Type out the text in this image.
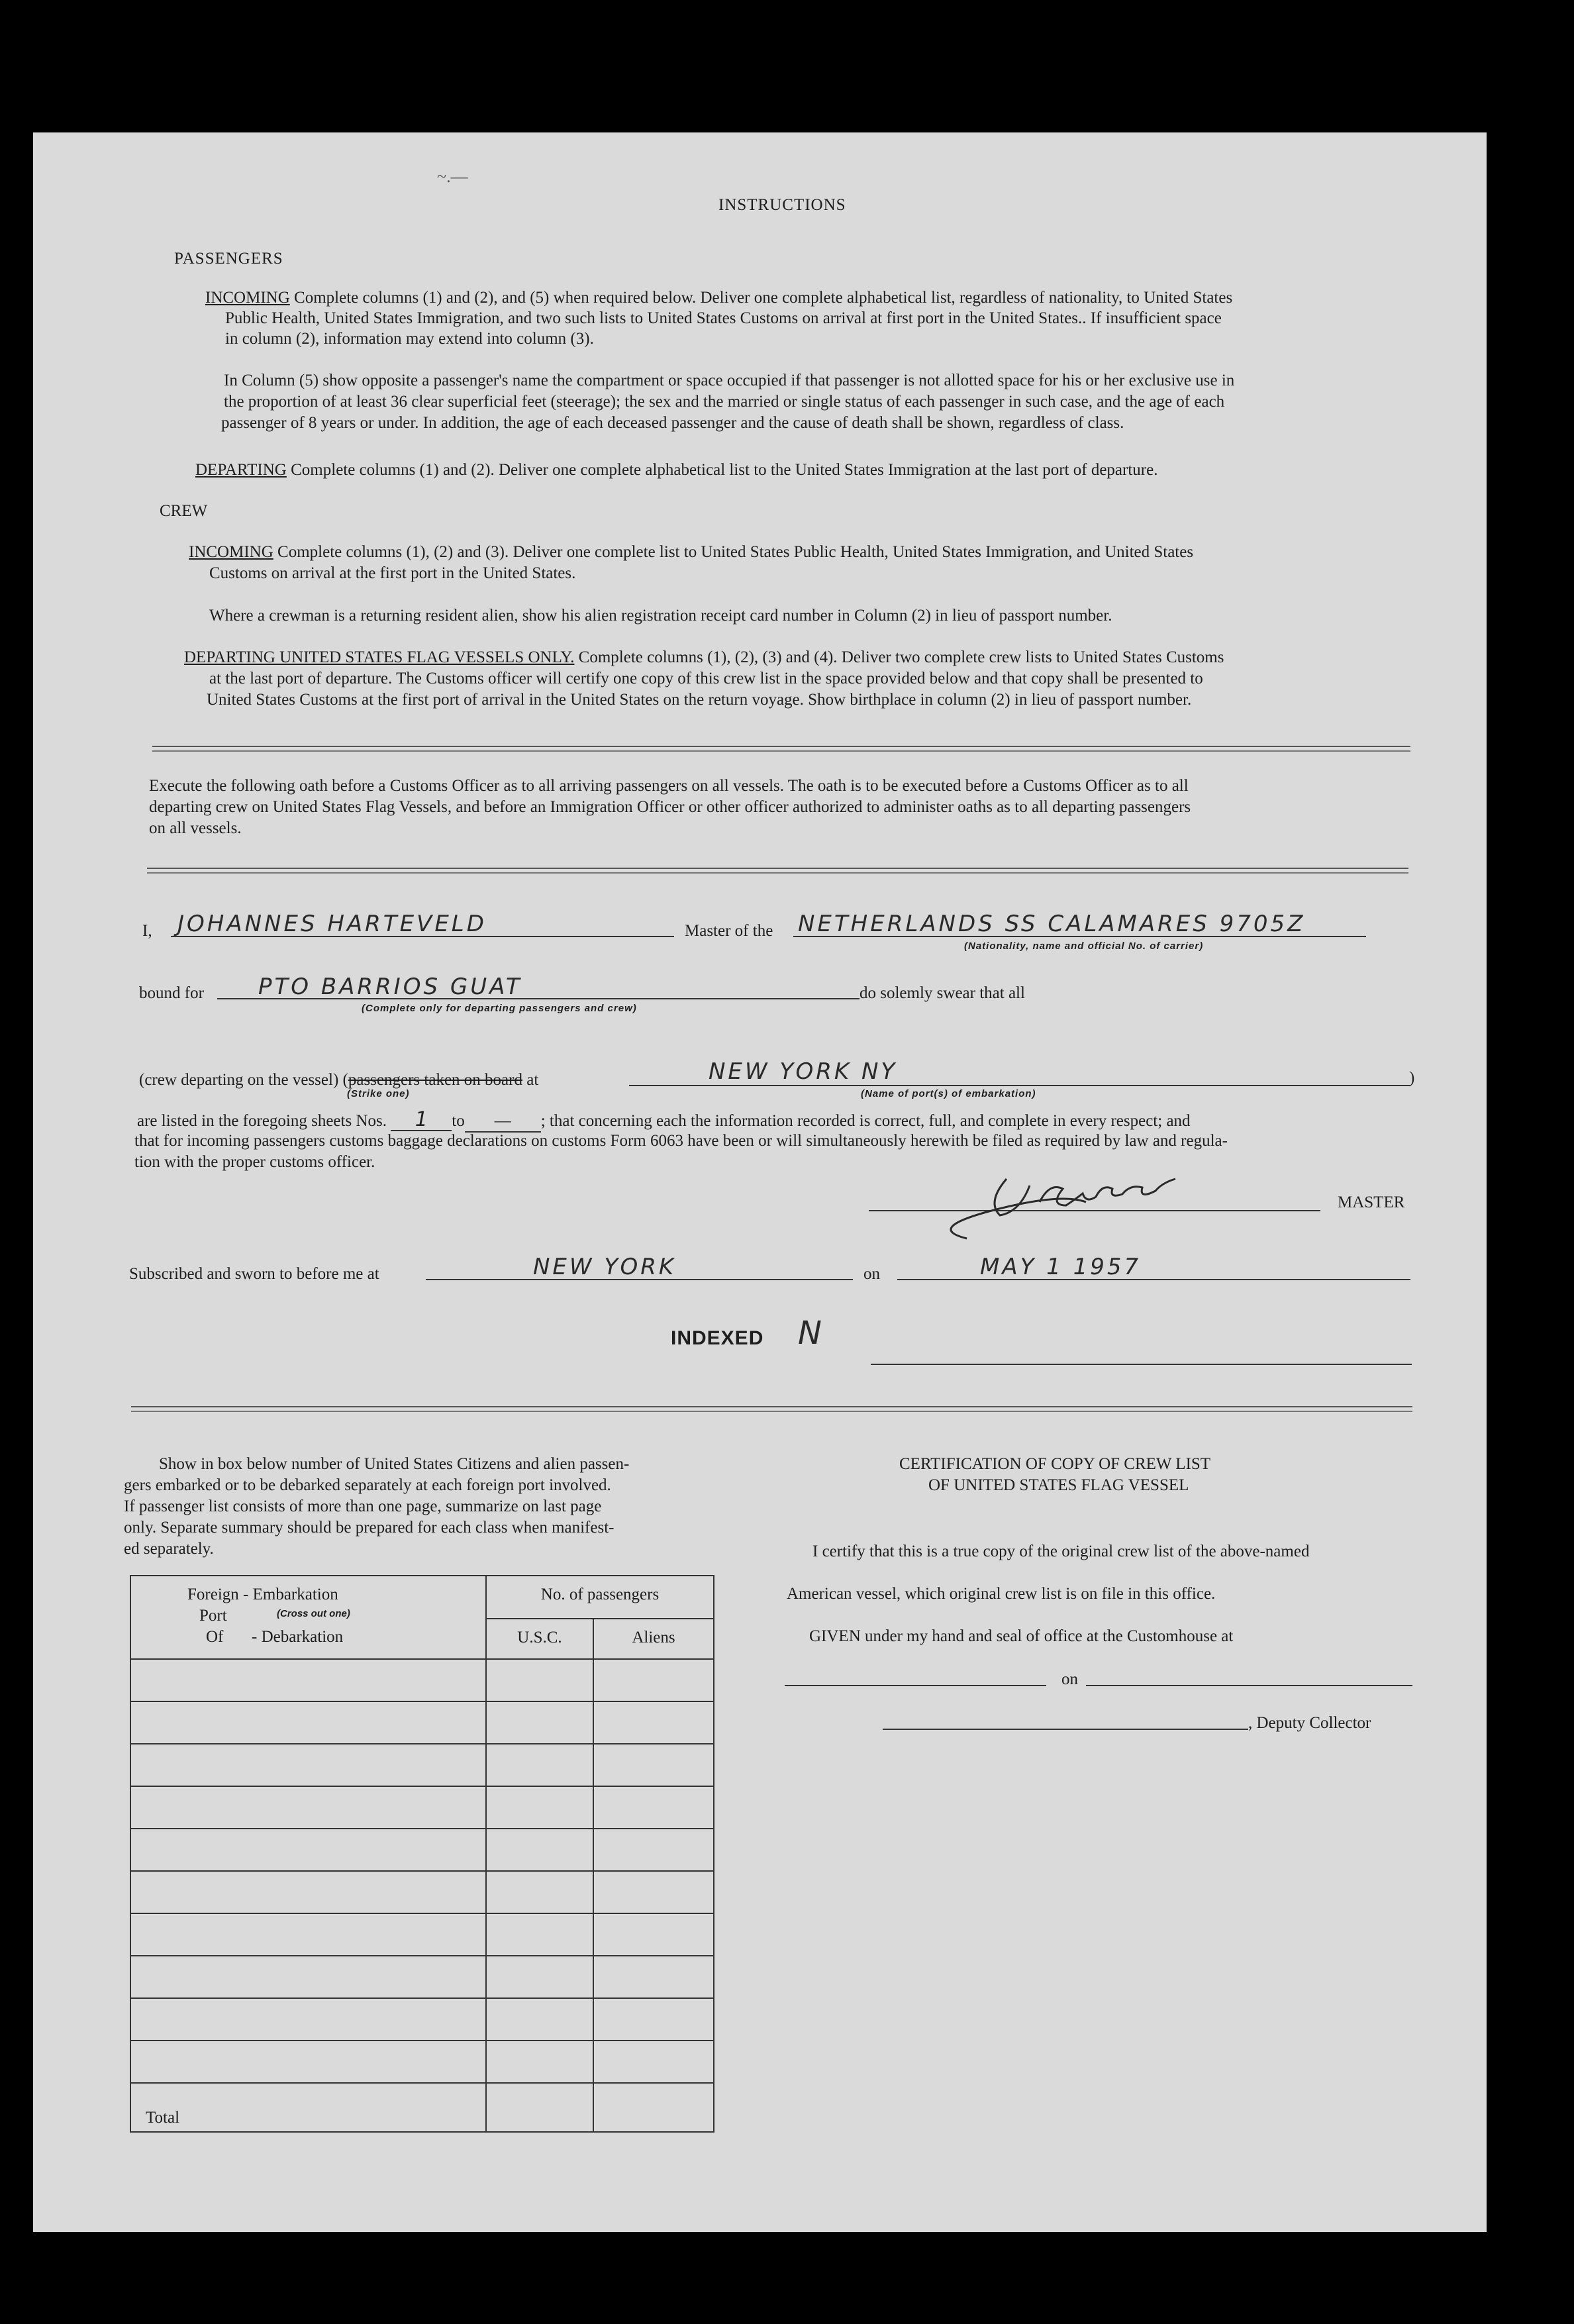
~.—
INSTRUCTIONS
PASSENGERS
INCOMING Complete columns (1) and (2), and (5) when required below. Deliver one complete alphabetical list, regardless of nationality, to United States
Public Health, United States Immigration, and two such lists to United States Customs on arrival at first port in the United States.. If insufficient space
in column (2), information may extend into column (3).
In Column (5) show opposite a passenger's name the compartment or space occupied if that passenger is not allotted space for his or her exclusive use in
the proportion of at least 36 clear superficial feet (steerage); the sex and the married or single status of each passenger in such case, and the age of each
passenger of 8 years or under. In addition, the age of each deceased passenger and the cause of death shall be shown, regardless of class.
DEPARTING Complete columns (1) and (2). Deliver one complete alphabetical list to the United States Immigration at the last port of departure.
CREW
INCOMING Complete columns (1), (2) and (3). Deliver one complete list to United States Public Health, United States Immigration, and United States
Customs on arrival at the first port in the United States.
Where a crewman is a returning resident alien, show his alien registration receipt card number in Column (2) in lieu of passport number.
DEPARTING UNITED STATES FLAG VESSELS ONLY. Complete columns (1), (2), (3) and (4). Deliver two complete crew lists to United States Customs
at the last port of departure. The Customs officer will certify one copy of this crew list in the space provided below and that copy shall be presented to
United States Customs at the first port of arrival in the United States on the return voyage. Show birthplace in column (2) in lieu of passport number.
Execute the following oath before a Customs Officer as to all arriving passengers on all vessels. The oath is to be executed before a Customs Officer as to all
departing crew on United States Flag Vessels, and before an Immigration Officer or other officer authorized to administer oaths as to all departing passengers
on all vessels.
I, JOHANNES HARTEVELD	Master of the NETHERLANDS SS CALAMARES 9705Z
(Nationality, name and official No. of carrier)
bound for PTO BARRIOS GUAT	do solemly swear that all
(Complete only for departing passengers and crew)
(crew departing on the vessel) (passengers taken on board at	NEW YORK NY	)
(Strike one)	(Name of port(s) of embarkation)
are listed in the foregoing sheets Nos. 1 to — ; that concerning each the information recorded is correct, full, and complete in every respect; and
that for incoming passengers customs baggage declarations on customs Form 6063 have been or will simultaneously herewith be filed as required by law and regula-
tion with the proper customs officer.
MASTER
Subscribed and sworn to before me at	NEW YORK	on	MAY 1 1957
INDEXED N
Show in box below number of United States Citizens and alien passen-
gers embarked or to be debarked separately at each foreign port involved.
If passenger list consists of more than one page, summarize on last page
only. Separate summary should be prepared for each class when manifest-
ed separately.
Foreign - Embarkation
(Cross out one)
Port
Of - Debarkation	No. of passengers	

	U.S.C.	Aliens

Total		

CERTIFICATION OF COPY OF CREW LIST
OF UNITED STATES FLAG VESSEL
I certify that this is a true copy of the original crew list of the above-named
American vessel, which original crew list is on file in this office.
GIVEN under my hand and seal of office at the Customhouse at
on
, Deputy Collector
